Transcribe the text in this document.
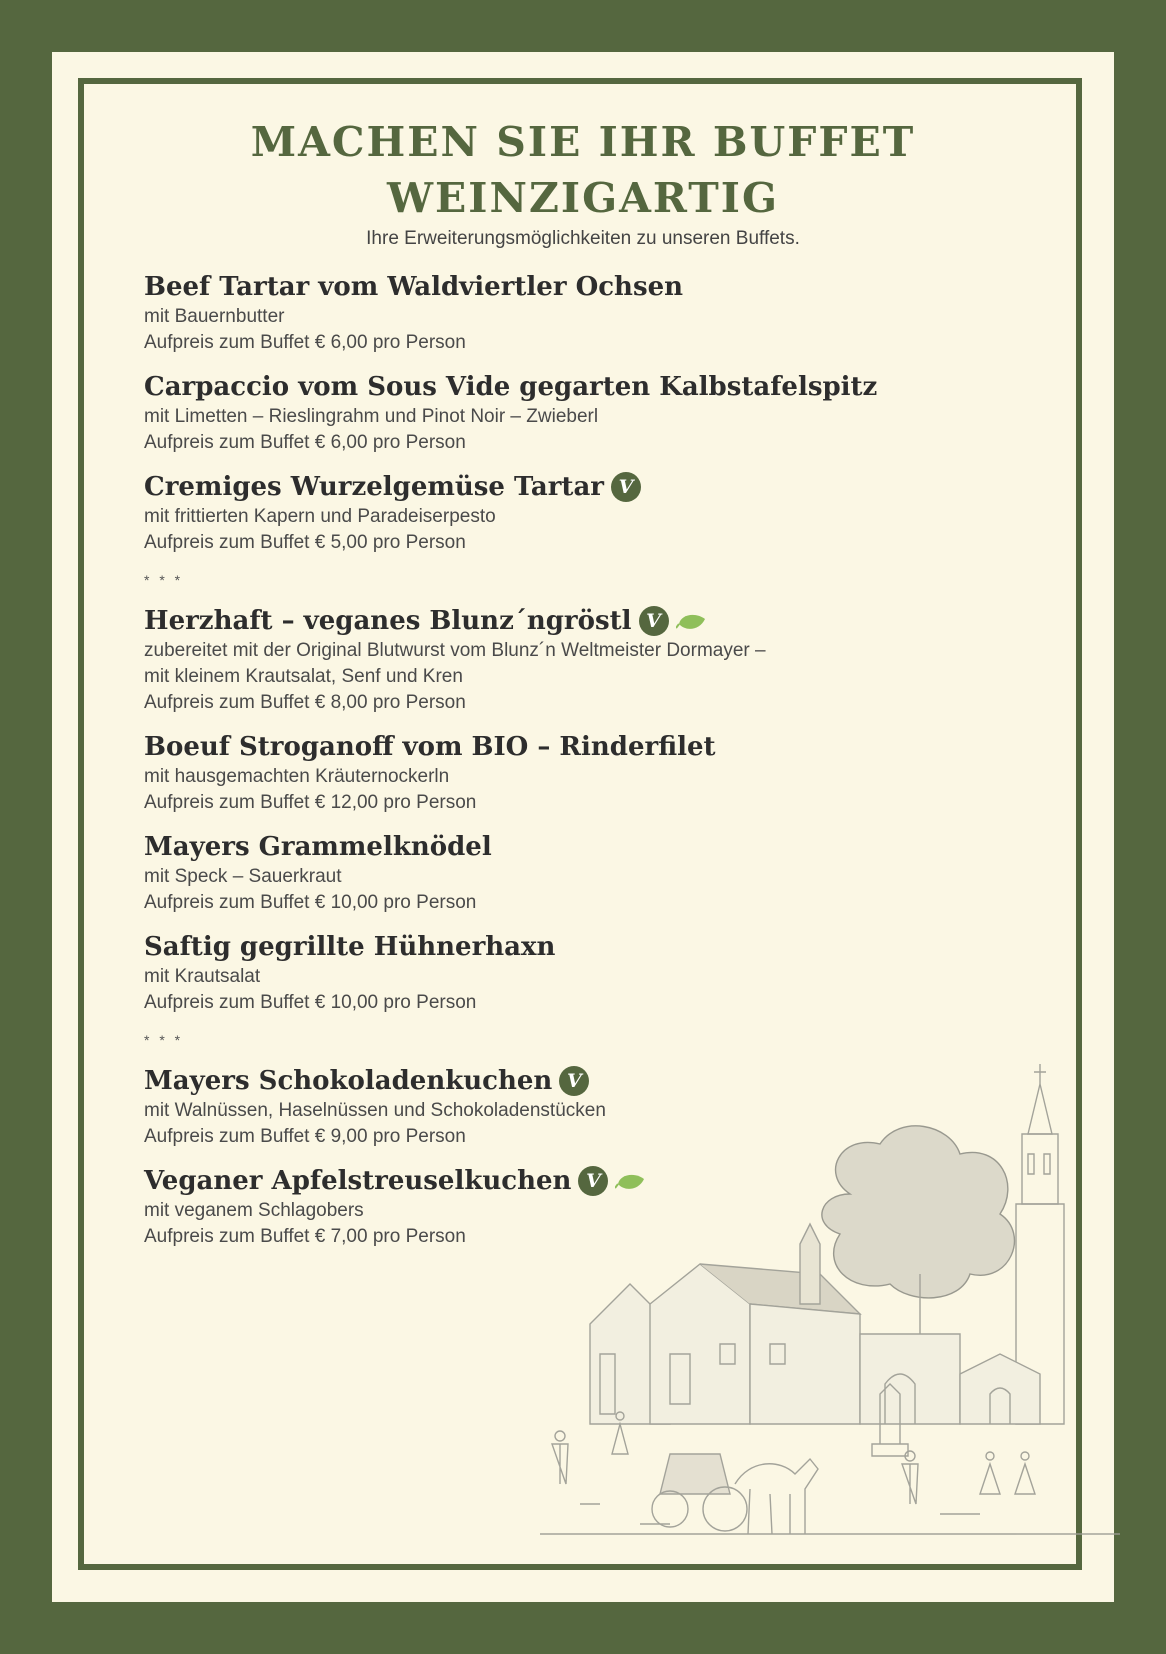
MACHEN SIE IHR BUFFET
WEINZIGARTIG
Ihre Erweiterungsmöglichkeiten zu unseren Buffets.
Beef Tartar vom Waldviertler Ochsen
mit Bauernbutter
Aufpreis zum Buffet € 6,00 pro Person
Carpaccio vom Sous Vide gegarten Kalbstafelspitz
mit Limetten – Rieslingrahm und Pinot Noir – Zwieberl
Aufpreis zum Buffet € 6,00 pro Person
Cremiges Wurzelgemüse Tartar V
mit frittierten Kapern und Paradeiserpesto
Aufpreis zum Buffet € 5,00 pro Person
* * *
Herzhaft – veganes Blunz´ngröstl V
zubereitet mit der Original Blutwurst vom Blunz´n Weltmeister Dormayer –
mit kleinem Krautsalat, Senf und Kren
Aufpreis zum Buffet € 8,00 pro Person
Boeuf Stroganoff vom BIO – Rinderfilet
mit hausgemachten Kräuternockerln
Aufpreis zum Buffet € 12,00 pro Person
Mayers Grammelknödel
mit Speck – Sauerkraut
Aufpreis zum Buffet € 10,00 pro Person
Saftig gegrillte Hühnerhaxn
mit Krautsalat
Aufpreis zum Buffet € 10,00 pro Person
* * *
Mayers Schokoladenkuchen V
mit Walnüssen, Haselnüssen und Schokoladenstücken
Aufpreis zum Buffet € 9,00 pro Person
Veganer Apfelstreuselkuchen V
mit veganem Schlagobers
Aufpreis zum Buffet € 7,00 pro Person
